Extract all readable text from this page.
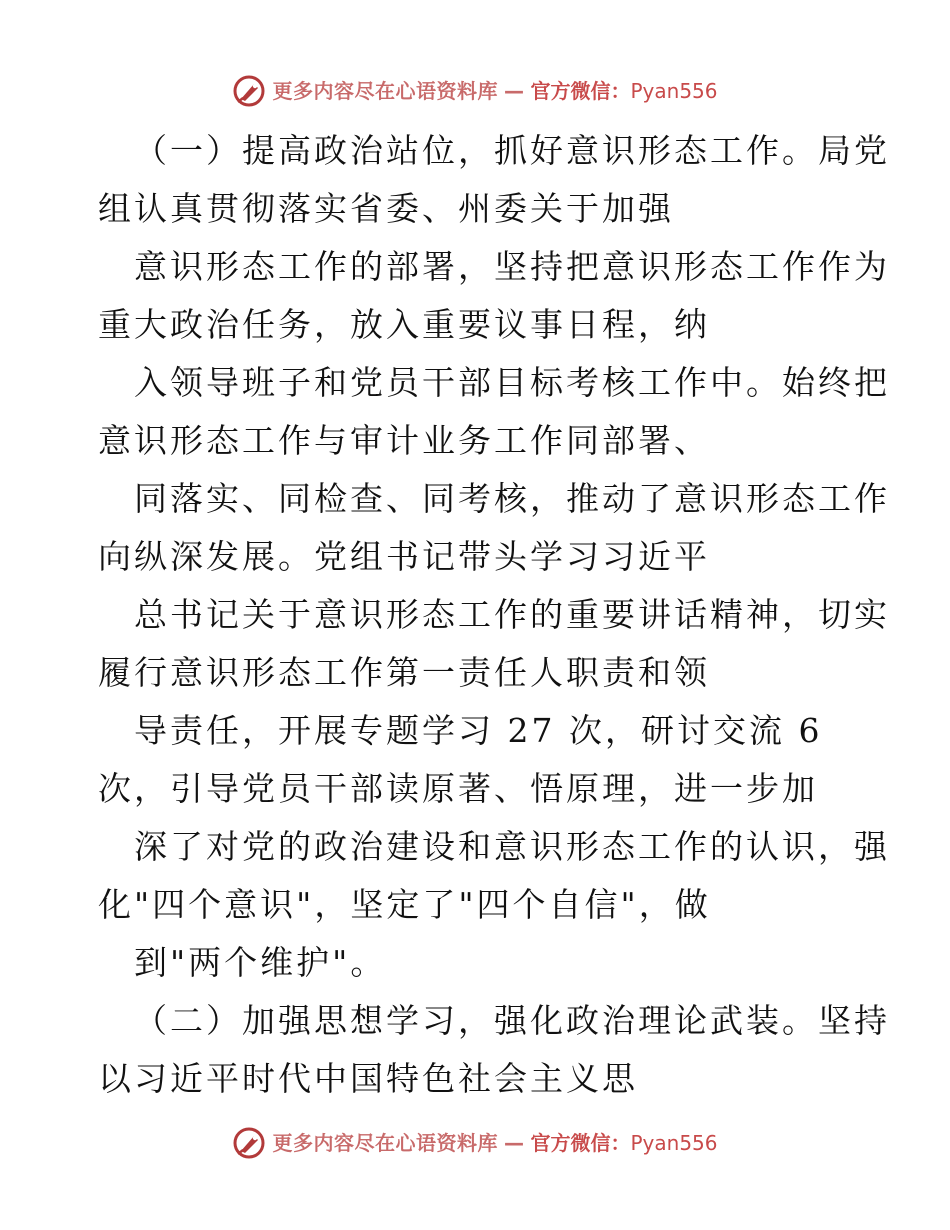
更多内容尽在心语资料库 — 官方微信：Pyan556
（一）提高政治站位，抓好意识形态工作。局党
组认真贯彻落实省委、州委关于加强
意识形态工作的部署，坚持把意识形态工作作为
重大政治任务，放入重要议事日程，纳
入领导班子和党员干部目标考核工作中。始终把
意识形态工作与审计业务工作同部署、
同落实、同检查、同考核，推动了意识形态工作
向纵深发展。党组书记带头学习习近平
总书记关于意识形态工作的重要讲话精神，切实
履行意识形态工作第一责任人职责和领
导责任，开展专题学习 27 次，研讨交流 6
次，引导党员干部读原著、悟原理，进一步加
深了对党的政治建设和意识形态工作的认识，强
化"四个意识"，坚定了"四个自信"，做
到"两个维护"。
（二）加强思想学习，强化政治理论武装。坚持
以习近平时代中国特色社会主义思
更多内容尽在心语资料库 — 官方微信：Pyan556
